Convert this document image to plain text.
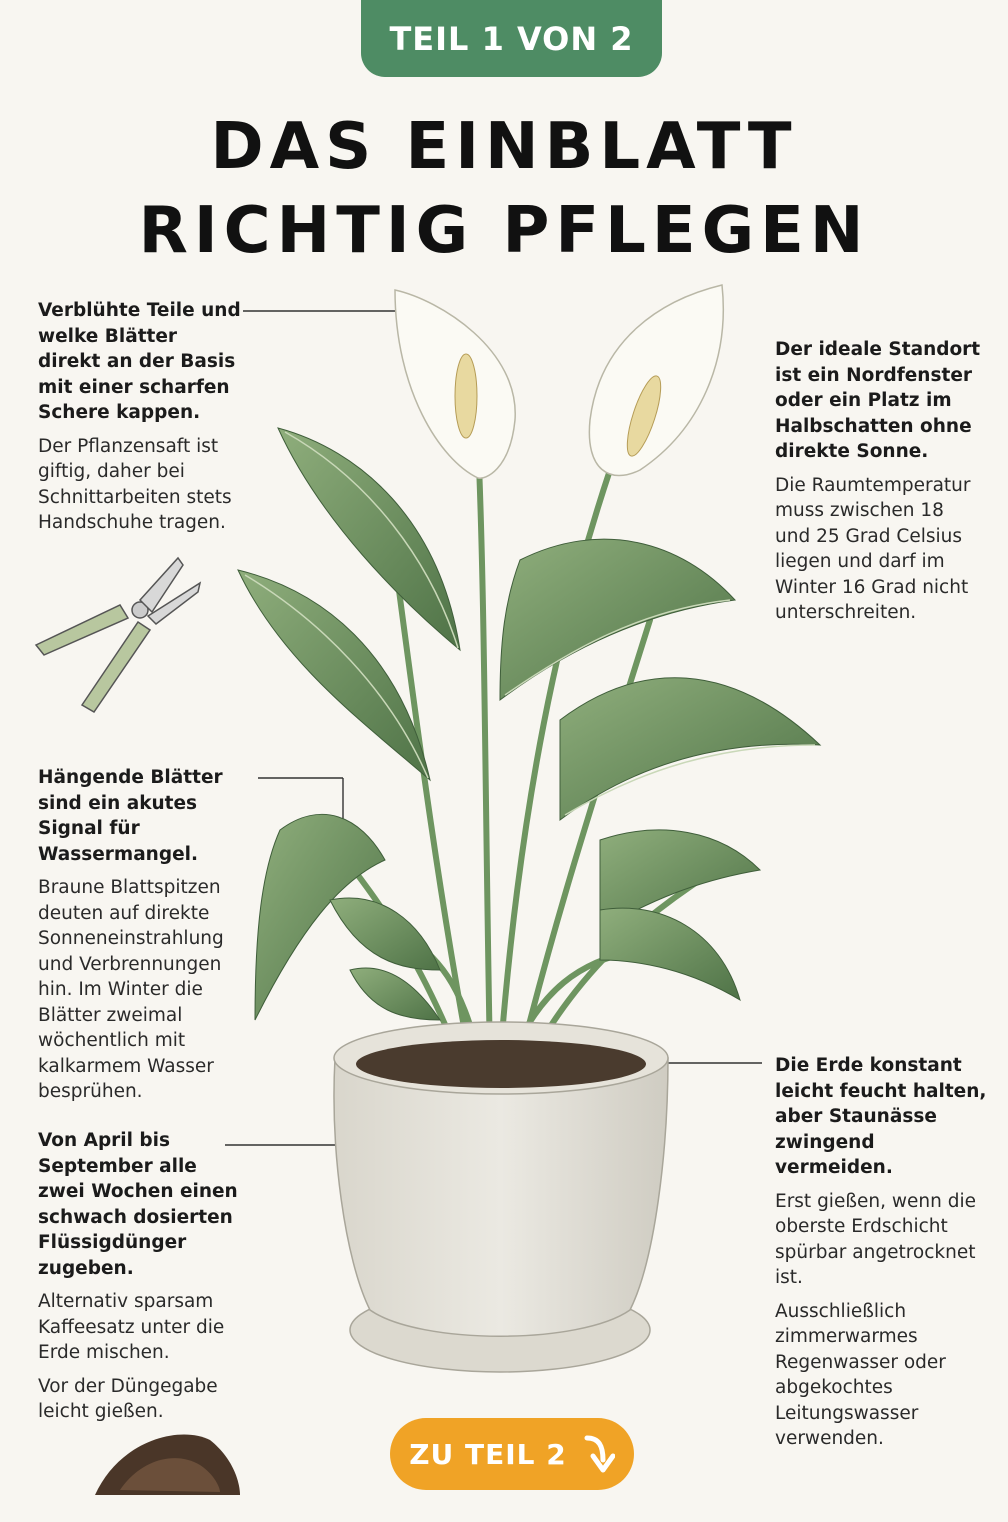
TEIL 1 VON 2
DAS EINBLATT
RICHTIG PFLEGEN

Verblühte Teile und welke Blätter direkt an der Basis mit einer scharfen Schere kappen.

Der Pflanzensaft ist giftig, daher bei Schnittarbeiten stets Handschuhe tragen.

Der ideale Standort ist ein Nordfenster oder ein Platz im Halbschatten ohne direkte Sonne.

Die Raumtemperatur muss zwischen 18 und 25 Grad Celsius liegen und darf im Winter 16 Grad nicht unterschreiten.

Hängende Blätter sind ein akutes Signal für Wassermangel.

Braune Blattspitzen deuten auf direkte Sonneneinstrahlung und Verbrennungen hin. Im Winter die Blätter zweimal wöchentlich mit kalkarmem Wasser besprühen.

Von April bis September alle zwei Wochen einen schwach dosierten Flüssigdünger zugeben.

Alternativ sparsam Kaffeesatz unter die Erde mischen.

Vor der Düngegabe leicht gießen.

Die Erde konstant leicht feucht halten, aber Staunässe zwingend vermeiden.

Erst gießen, wenn die oberste Erdschicht spürbar angetrocknet ist.

Ausschließlich zimmerwarmes Regenwasser oder abgekochtes Leitungswasser verwenden.

ZU TEIL 2
